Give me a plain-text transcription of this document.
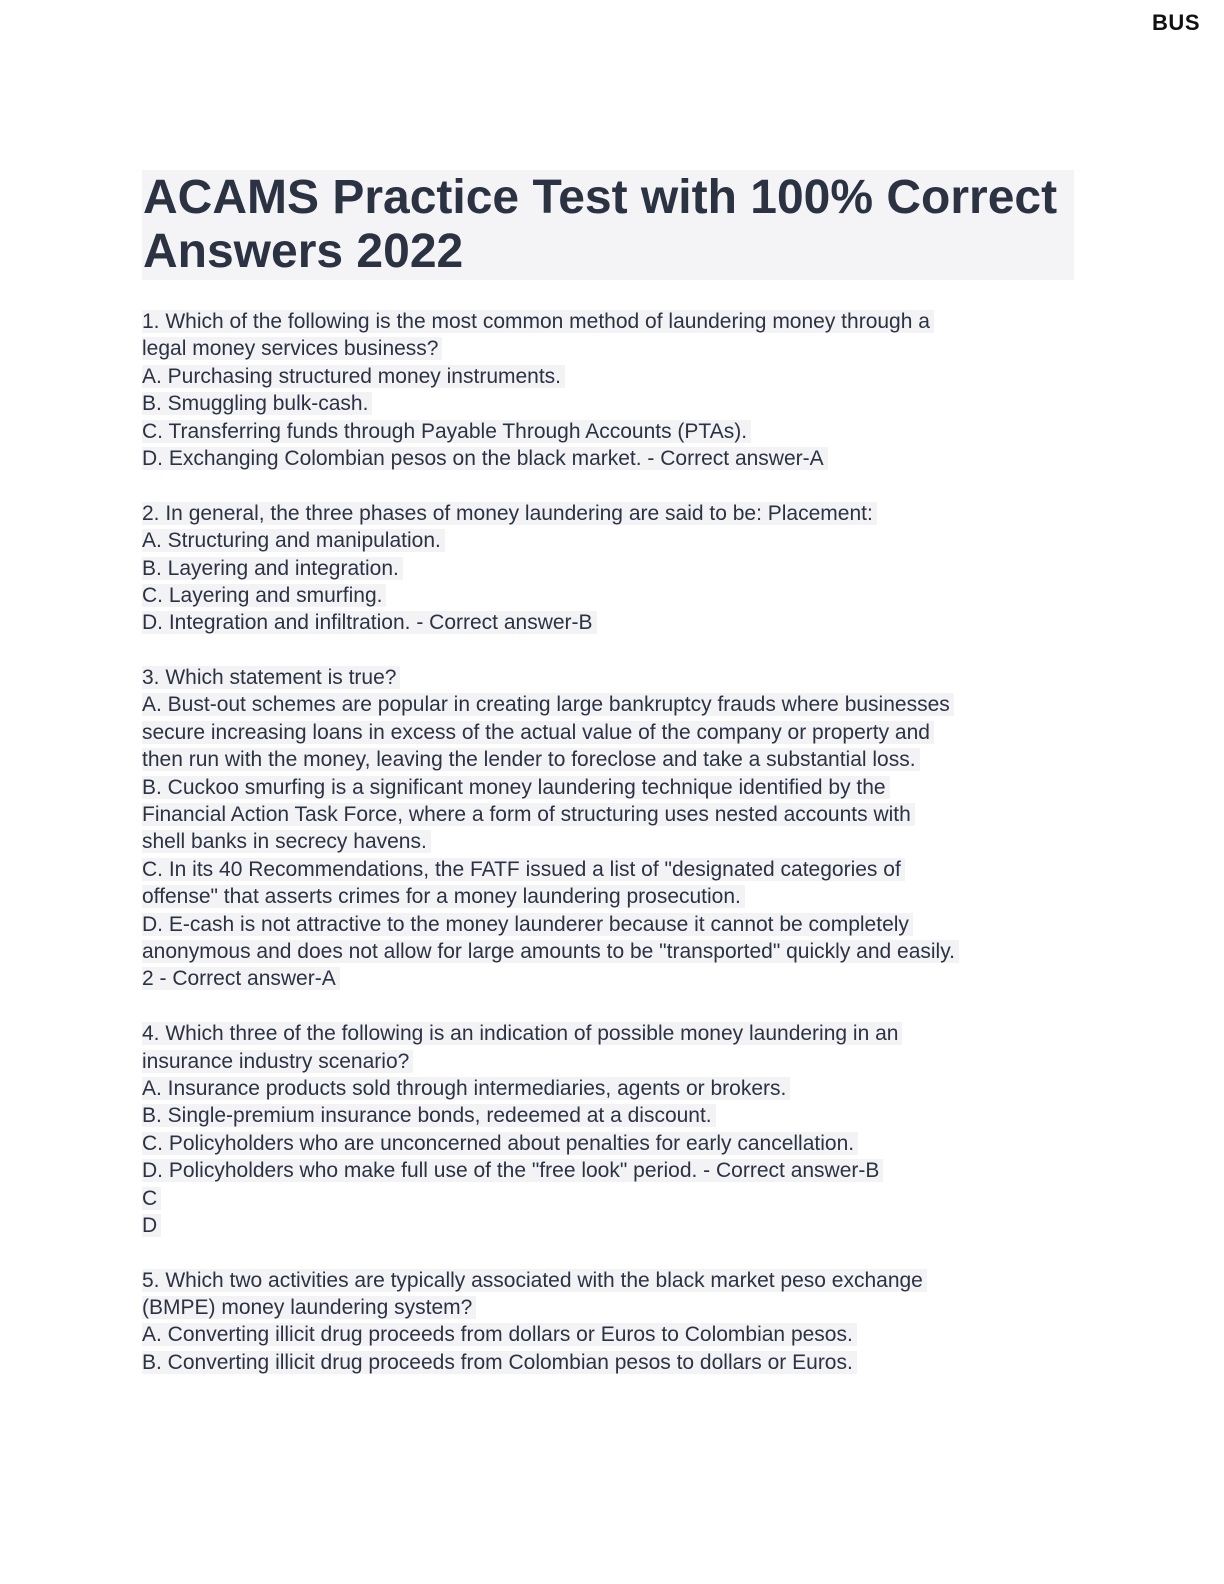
BUS
ACAMS Practice Test with 100% Correct
Answers 2022
1. Which of the following is the most common method of laundering money through a
legal money services business?
A. Purchasing structured money instruments.
B. Smuggling bulk-cash.
C. Transferring funds through Payable Through Accounts (PTAs).
D. Exchanging Colombian pesos on the black market. - Correct answer-A
2. In general, the three phases of money laundering are said to be: Placement:
A. Structuring and manipulation.
B. Layering and integration.
C. Layering and smurfing.
D. Integration and infiltration. - Correct answer-B
3. Which statement is true?
A. Bust-out schemes are popular in creating large bankruptcy frauds where businesses
secure increasing loans in excess of the actual value of the company or property and
then run with the money, leaving the lender to foreclose and take a substantial loss.
B. Cuckoo smurfing is a significant money laundering technique identified by the
Financial Action Task Force, where a form of structuring uses nested accounts with
shell banks in secrecy havens.
C. In its 40 Recommendations, the FATF issued a list of "designated categories of
offense" that asserts crimes for a money laundering prosecution.
D. E-cash is not attractive to the money launderer because it cannot be completely
anonymous and does not allow for large amounts to be "transported" quickly and easily.
2 - Correct answer-A
4. Which three of the following is an indication of possible money laundering in an
insurance industry scenario?
A. Insurance products sold through intermediaries, agents or brokers.
B. Single-premium insurance bonds, redeemed at a discount.
C. Policyholders who are unconcerned about penalties for early cancellation.
D. Policyholders who make full use of the "free look" period. - Correct answer-B
C
D
5. Which two activities are typically associated with the black market peso exchange
(BMPE) money laundering system?
A. Converting illicit drug proceeds from dollars or Euros to Colombian pesos.
B. Converting illicit drug proceeds from Colombian pesos to dollars or Euros.
